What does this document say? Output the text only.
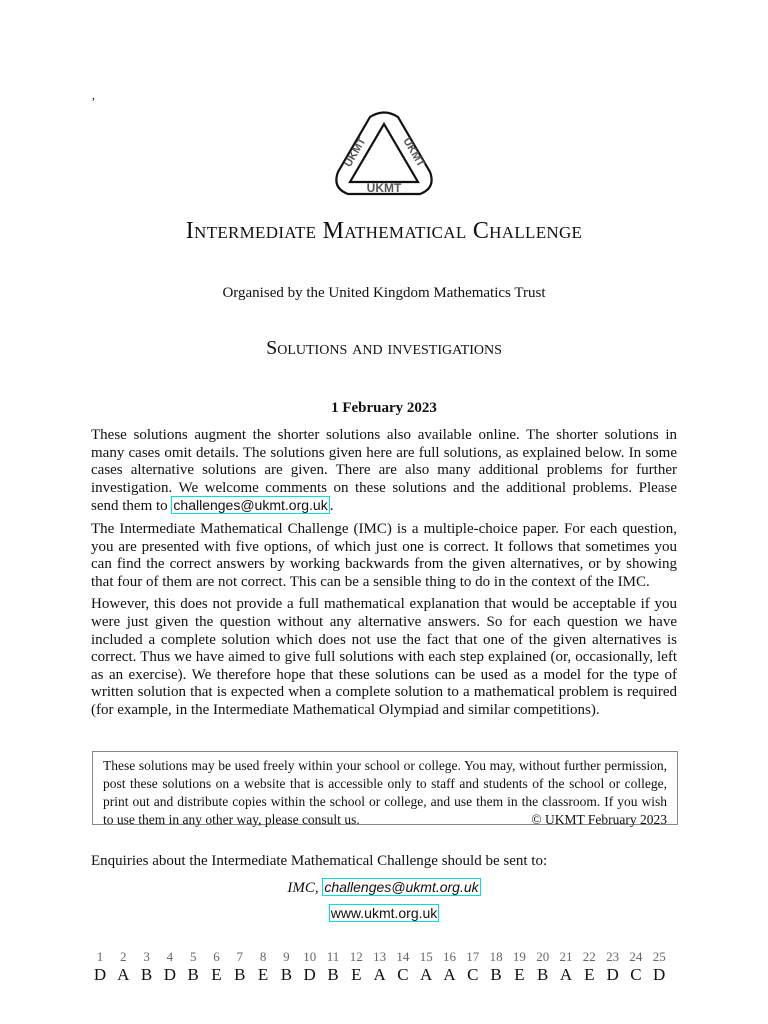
,
UKMT	UKMT
UKMT
Intermediate Mathematical Challenge
Organised by the United Kingdom Mathematics Trust
Solutions and investigations
1 February 2023

These solutions augment the shorter solutions also available online. The shorter solutions in many cases omit details. The solutions given here are full solutions, as explained below. In some cases alternative solutions are given. There are also many additional problems for further investigation. We welcome comments on these solutions and the additional problems. Please send them to challenges@ukmt.org.uk .

The Intermediate Mathematical Challenge (IMC) is a multiple-choice paper. For each question, you are presented with five options, of which just one is correct. It follows that sometimes you can find the correct answers by working backwards from the given alternatives, or by showing that four of them are not correct. This can be a sensible thing to do in the context of the IMC.

However, this does not provide a full mathematical explanation that would be acceptable if you were just given the question without any alternative answers. So for each question we have included a complete solution which does not use the fact that one of the given alternatives is correct. Thus we have aimed to give full solutions with each step explained (or, occasionally, left as an exercise). We therefore hope that these solutions can be used as a model for the type of written solution that is expected when a complete solution to a mathematical problem is required (for example, in the Intermediate Mathematical Olympiad and similar competitions).

These solutions may be used freely within your school or college. You may, without further permission, post these solutions on a website that is accessible only to staff and students of the school or college, print out and distribute copies within the school or college, and use them in the classroom. If you wish to use them in any other way, please consult us.	© UKMT February 2023
Enquiries about the Intermediate Mathematical Challenge should be sent to:
IMC, challenges@ukmt.org.uk
www.ukmt.org.uk
1
D
2
A
3
B
4
D
5
B
6
E
7
B
8
E
9
B
10
D
11
B
12
E
13
A
14
C
15
A
16
A
17
C
18
B
19
E
20
B
21
A
22
E
23
D
24
C
25
D
